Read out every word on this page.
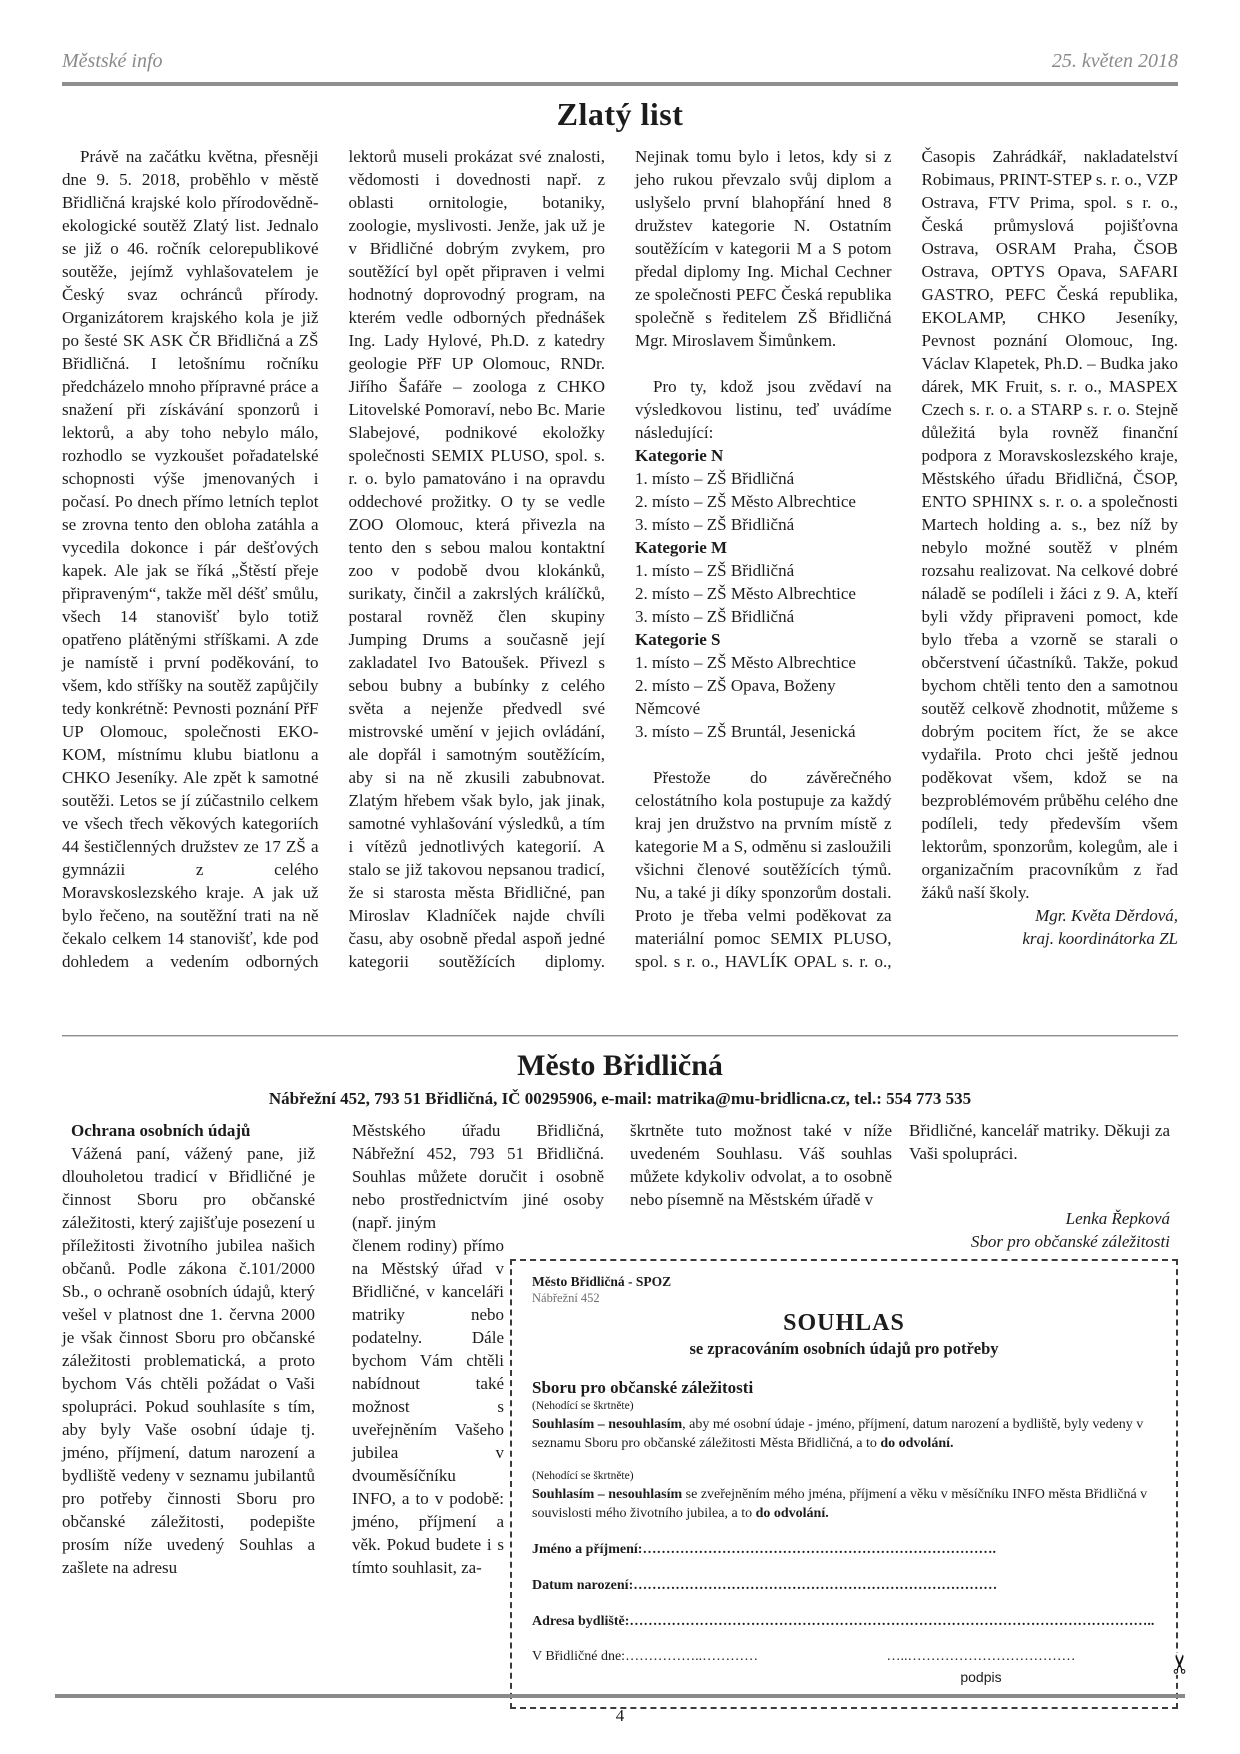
Městské info	25. květen 2018
Zlatý list

Právě na začátku května, přesněji dne 9. 5. 2018, proběhlo v městě Břidličná krajské kolo přírodovědně-ekologické soutěž Zlatý list. Jednalo se již o 46. ročník celorepublikové soutěže, jejímž vyhlašovatelem je Český svaz ochránců přírody. Organizátorem krajského kola je již po šesté SK ASK ČR Břidličná a ZŠ Břidličná. I letošnímu ročníku předcházelo mnoho přípravné práce a snažení při získávání sponzorů i lektorů, a aby toho nebylo málo, rozhodlo se vyzkoušet pořadatelské schopnosti výše jmenovaných i počasí. Po dnech přímo letních teplot se zrovna tento den obloha zatáhla a vycedila dokonce i pár dešťových kapek. Ale jak se říká „Štěstí přeje připraveným“, takže měl déšť smůlu, všech 14 stanovišť bylo totiž opatřeno plátěnými stříškami. A zde je namístě i první poděkování, to všem, kdo stříšky na soutěž zapůjčily tedy konkrétně: Pevnosti poznání PřF UP Olomouc, společnosti EKO-KOM, místnímu klubu biatlonu a CHKO Jeseníky. Ale zpět k samotné soutěži. Letos se jí zúčastnilo celkem ve všech třech věkových kategoriích 44 šestičlenných družstev ze 17 ZŠ a gymnázii z celého Moravskoslezského kraje. A jak už bylo řečeno, na soutěžní trati na ně čekalo celkem 14 stanovišť, kde pod dohledem a vedením odborných lektorů museli prokázat své znalosti, vědomosti i dovednosti např. z oblasti ornitologie, botaniky, zoologie, myslivosti. Jenže, jak už je v Břidličné dobrým zvykem, pro soutěžící byl opět připraven i velmi hodnotný doprovodný program, na kterém vedle odborných přednášek Ing. Lady Hylové, Ph.D. z katedry geologie PřF UP Olomouc, RNDr. Jiřího Šafáře – zoologa z CHKO Litovelské Pomoraví, nebo Bc. Marie Slabejové, podnikové ekoložky společnosti SEMIX PLUSO, spol. s. r. o. bylo pamatováno i na opravdu oddechové prožitky. O ty se vedle ZOO Olomouc, která přivezla na tento den s sebou malou kontaktní zoo v podobě dvou klokánků, surikaty, činčil a zakrslých králíčků, postaral rovněž člen skupiny Jumping Drums a současně její zakladatel Ivo Batoušek. Přivezl s sebou bubny a bubínky z celého světa a nejenže předvedl své mistrovské umění v jejich ovládání, ale dopřál i samotným soutěžícím, aby si na ně zkusili zabubnovat. Zlatým hřebem však bylo, jak jinak, samotné vyhlašování výsledků, a tím i vítězů jednotlivých kategorií. A stalo se již takovou nepsanou tradicí, že si starosta města Břidličné, pan Miroslav Kladníček najde chvíli času, aby osobně předal aspoň jedné kategorii soutěžících diplomy. Nejinak tomu bylo i letos, kdy si z jeho rukou převzalo svůj diplom a uslyšelo první blahopřání hned 8 družstev kategorie N. Ostatním soutěžícím v kategorii M a S potom předal diplomy Ing. Michal Cechner ze společnosti PEFC Česká republika společně s ředitelem ZŠ Břidličná Mgr. Miroslavem Šimůnkem.

Pro ty, kdož jsou zvědaví na výsledkovou listinu, teď uvádíme následující:

Kategorie N
1. místo – ZŠ Břidličná
2. místo – ZŠ Město Albrechtice
3. místo – ZŠ Břidličná
Kategorie M
1. místo – ZŠ Břidličná
2. místo – ZŠ Město Albrechtice
3. místo – ZŠ Břidličná
Kategorie S
1. místo – ZŠ Město Albrechtice
2. místo – ZŠ Opava, Boženy Němcové
3. místo – ZŠ Bruntál, Jesenická

Přestože do závěrečného celostátního kola postupuje za každý kraj jen družstvo na prvním místě z kategorie M a S, odměnu si zasloužili všichni členové soutěžících týmů. Nu, a také ji díky sponzorům dostali. Proto je třeba velmi poděkovat za materiální pomoc SEMIX PLUSO, spol. s r. o., HAVLÍK OPAL s. r. o., Časopis Zahrádkář, nakladatelství Robimaus, PRINT-STEP s. r. o., VZP Ostrava, FTV Prima, spol. s r. o., Česká průmyslová pojišťovna Ostrava, OSRAM Praha, ČSOB Ostrava, OPTYS Opava, SAFARI GASTRO, PEFC Česká republika, EKOLAMP, CHKO Jeseníky, Pevnost poznání Olomouc, Ing. Václav Klapetek, Ph.D. – Budka jako dárek, MK Fruit, s. r. o., MASPEX Czech s. r. o. a STARP s. r. o. Stejně důležitá byla rovněž finanční podpora z Moravskoslezského kraje, Městského úřadu Břidličná, ČSOP, ENTO SPHINX s. r. o. a společnosti Martech holding a. s., bez níž by nebylo možné soutěž v plném rozsahu realizovat. Na celkové dobré náladě se podíleli i žáci z 9. A, kteří byli vždy připraveni pomoct, kde bylo třeba a vzorně se starali o občerstvení účastníků. Takže, pokud bychom chtěli tento den a samotnou soutěž celkově zhodnotit, můžeme s dobrým pocitem říct, že se akce vydařila. Proto chci ještě jednou poděkovat všem, kdož se na bezproblémovém průběhu celého dne podíleli, tedy především všem lektorům, sponzorům, kolegům, ale i organizačním pracovníkům z řad žáků naší školy.

Mgr. Květa Děrdová,
kraj. koordinátorka ZL
Město Břidličná
Nábřežní 452, 793 51 Břidličná, IČ 00295906, e-mail: matrika@mu-bridlicna.cz, tel.: 554 773 535
Ochrana osobních údajů

Vážená paní, vážený pane, již dlouholetou tradicí v Břidličné je činnost Sboru pro občanské záležitosti, který zajišťuje posezení u příležitosti životního jubilea našich občanů. Podle zákona č.101/2000 Sb., o ochraně osobních údajů, který vešel v platnost dne 1. června 2000 je však činnost Sboru pro občanské záležitosti problematická, a proto bychom Vás chtěli požádat o Vaši spolupráci. Pokud souhlasíte s tím, aby byly Vaše osobní údaje tj. jméno, příjmení, datum narození a bydliště vedeny v seznamu jubilantů pro potřeby činnosti Sboru pro občanské záležitosti, podepište prosím níže uvedený Souhlas a zašlete na adresu

Městského úřadu Břidličná, Nábřežní 452, 793 51 Břidličná. Souhlas můžete doručit i osobně nebo prostřednictvím jiné osoby (např. jiným
členem rodiny) přímo na Městský úřad v Břidličné, v kanceláři matriky nebo podatelny. Dále bychom Vám chtěli nabídnout také možnost s uveřejněním Vašeho jubilea v dvouměsíčníku INFO, a to v podobě: jméno, příjmení a věk. Pokud budete i s tímto souhlasit, za-
škrtněte tuto možnost také v níže uvedeném Souhlasu. Váš souhlas můžete kdykoliv odvolat, a to osobně nebo písemně na Městském úřadě v
Břidličné, kancelář matriky. Děkuji za Vaši spolupráci.
Lenka Řepková
Sbor pro občanské záležitosti
Město Břidličná - SPOZ
Nábřežní 452
SOUHLAS
se zpracováním osobních údajů pro potřeby
Sboru pro občanské záležitosti
(Nehodící se škrtněte)

Souhlasím – nesouhlasím, aby mé osobní údaje - jméno, příjmení, datum narození a bydliště, byly vedeny v seznamu Sboru pro občanské záležitosti Města Břidličná, a to do odvolání.

(Nehodící se škrtněte)

Souhlasím – nesouhlasím se zveřejněním mého jména, příjmení a věku v měsíčníku INFO města Břidličná v souvislosti mého životního jubilea, a to do odvolání.

Jméno a příjmení:………………………………………………………………….
Datum narození:……………………………………………………………………
Adresa bydliště:…………………………………………………………………………………………………..
V Břidličné dne:……………..…………	…..………………………………
podpis
✂
4
